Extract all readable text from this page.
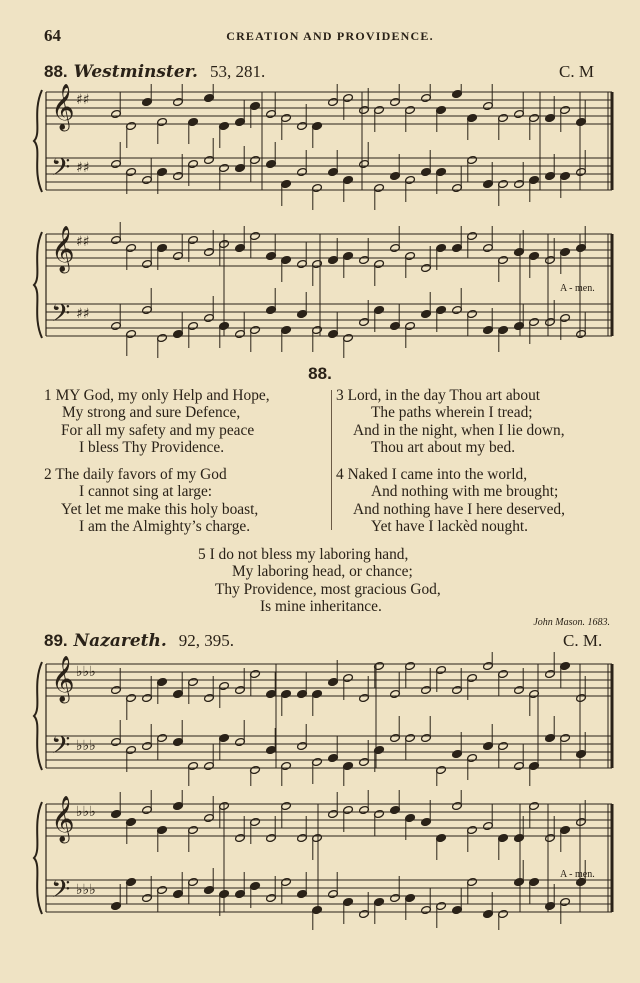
64	CREATION AND PROVIDENCE.
88. Westminster. 53, 281.	C. M
𝄞
𝄢
♯♯
♯♯
𝄞
𝄢
♯♯
♯♯
A - men.
88.
1 MY God, my only Help and Hope,
My strong and sure Defence,
For all my safety and my peace
I bless Thy Providence.
2 The daily favors of my God
I cannot sing at large:
Yet let me make this holy boast,
I am the Almighty’s charge.
3 Lord, in the day Thou art about
The paths wherein I tread;
And in the night, when I lie down,
Thou art about my bed.
4 Naked I came into the world,
And nothing with me brought;
And nothing have I here deserved,
Yet have I lackèd nought.
5 I do not bless my laboring hand,
My laboring head, or chance;
Thy Providence, most gracious God,
Is mine inheritance.
John Mason. 1683.
89. Nazareth. 92, 395.	C. M.
𝄞
𝄢
♭♭♭
♭♭♭
𝄞
𝄢
♭♭♭
♭♭♭
A - men.
